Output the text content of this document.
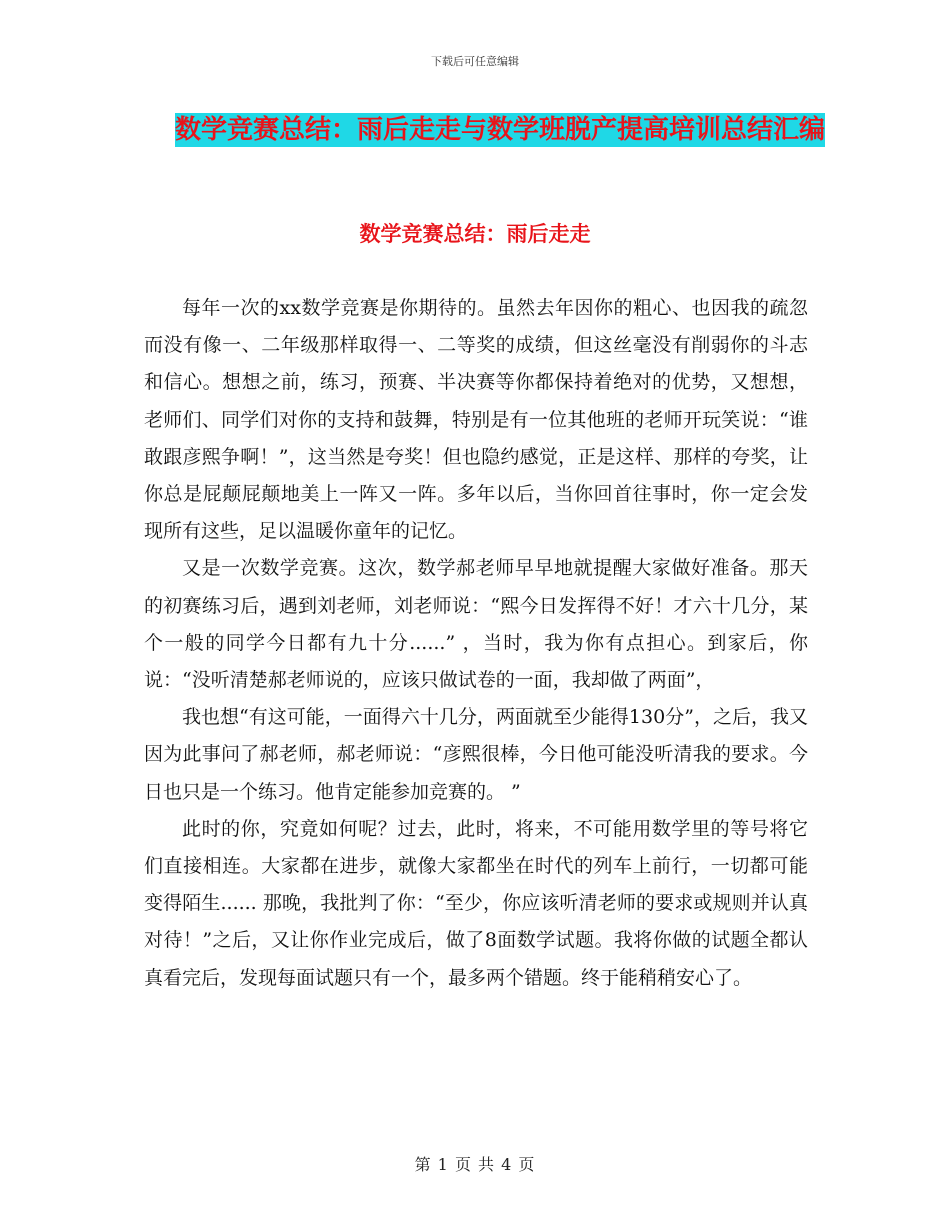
下载后可任意编辑
数学竞赛总结：雨后走走与数学班脱产提高培训总结汇编
数学竞赛总结：雨后走走

每年一次的xx数学竞赛是你期待的。虽然去年因你的粗心、也因我的疏忽而没有像一、二年级那样取得一、二等奖的成绩，但这丝毫没有削弱你的斗志和信心。想想之前，练习，预赛、半决赛等你都保持着绝对的优势，又想想，老师们、同学们对你的支持和鼓舞，特别是有一位其他班的老师开玩笑说：“谁敢跟彦熙争啊！”，这当然是夸奖！但也隐约感觉，正是这样、那样的夸奖，让你总是屁颠屁颠地美上一阵又一阵。多年以后，当你回首往事时，你一定会发现所有这些，足以温暖你童年的记忆。

又是一次数学竞赛。这次，数学郝老师早早地就提醒大家做好准备。那天的初赛练习后，遇到刘老师，刘老师说：“熙今日发挥得不好！才六十几分，某个一般的同学今日都有九十分......” ，当时，我为你有点担心。到家后，你说：“没听清楚郝老师说的，应该只做试卷的一面，我却做了两面”，

我也想“有这可能，一面得六十几分，两面就至少能得130分”，之后，我又因为此事问了郝老师，郝老师说：“彦熙很棒，今日他可能没听清我的要求。今日也只是一个练习。他肯定能参加竞赛的。 ”

此时的你，究竟如何呢？过去，此时，将来，不可能用数学里的等号将它们直接相连。大家都在进步，就像大家都坐在时代的列车上前行，一切都可能变得陌生...... 那晚，我批判了你：“至少，你应该听清老师的要求或规则并认真对待！”之后，又让你作业完成后，做了8面数学试题。我将你做的试题全都认真看完后，发现每面试题只有一个，最多两个错题。终于能稍稍安心了。

第 1 页 共 4 页
